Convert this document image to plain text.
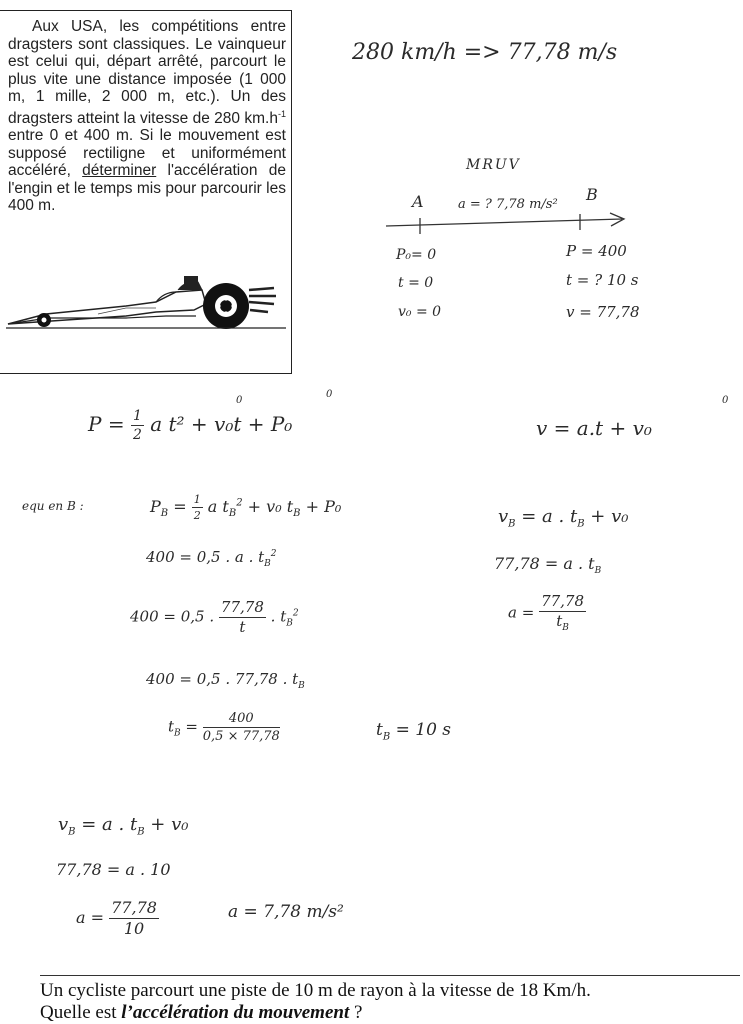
Aux USA, les compétitions entre dragsters sont classiques. Le vainqueur est celui qui, départ arrêté, parcourt le plus vite une distance imposée (1 000 m, 1 mille, 2 000 m, etc.). Un des dragsters atteint la vitesse de 280 $km.h^{-1}$ entre 0 et 400 m. Si le mouvement est supposé rectiligne et uniformément accéléré, déterminer l'accélération de l'engin et le temps mis pour parcourir les 400 m.
280 km/h => 77,78 m/s
MRUV
A	B
a = ? 7,78 m/s²
P₀= 0
t = 0
v₀ = 0
P = 400
t = ? 10 s
v = 77,78
$P = \frac{1}{2}$ a t² + v₀t + P₀
0
0
v = a.t + v₀
0
equ en B :	$P_B = \frac{1}{2}$ a $t_B^2 + v_0$ $t_B + P_0$
400 = 0,5 . a . $t_B^2$
400 = 0,5 . $\frac{77,78}{t}$ . $t_B^2$
400 = 0,5 . 77,78 . $t_B$
$t_B = \frac{400}{0,5 \times 77,78}$	$t_B = 10$ s
$v_B = a$ . $t_B + v_0$
77,78 = a . $t_B$
$a = \frac{77,78}{t_B}$
$v_B = a$ . $t_B + v_0$
77,78 = a . 10
$a = \frac{77,78}{10}$	a = 7,78 m/s²
Un cycliste parcourt une piste de 10 m de rayon à la vitesse de 18 Km/h.
Quelle est l’accélération du mouvement ?
